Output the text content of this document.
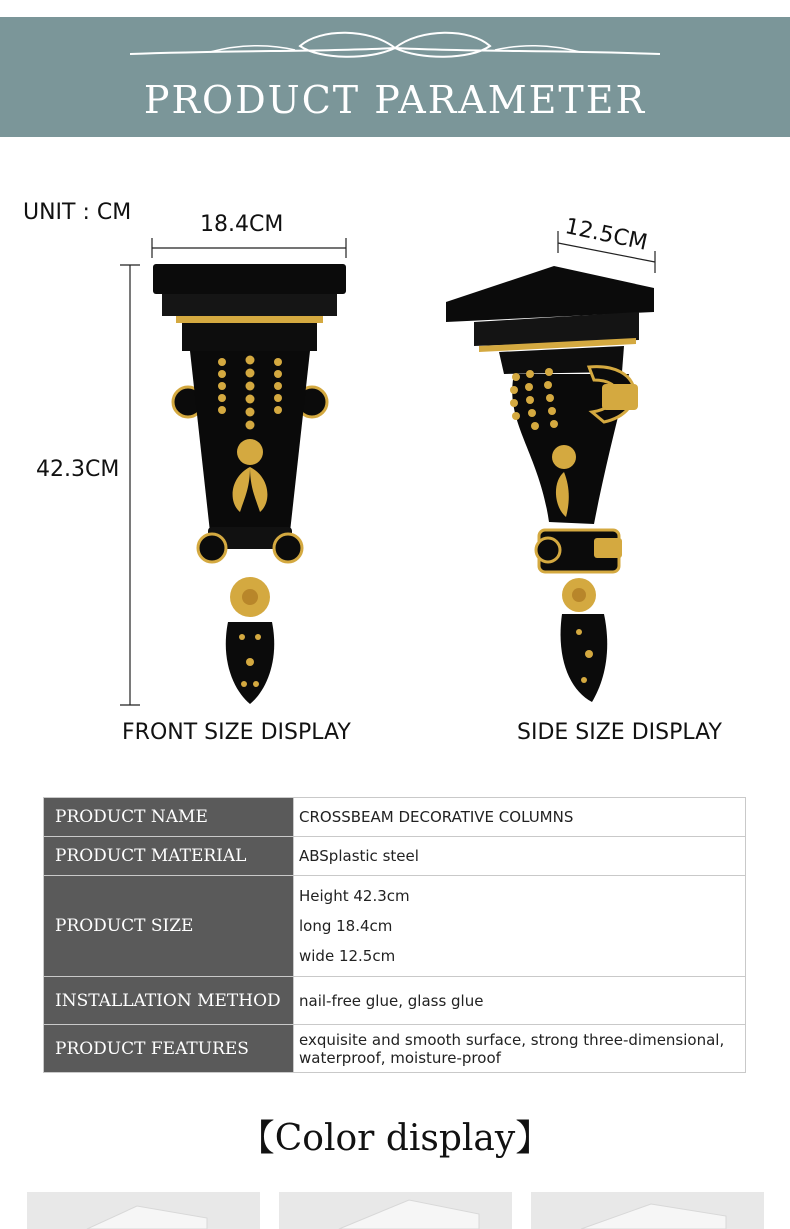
PRODUCT PARAMETER
UNIT : CM	18.4CM
42.3CM
12.5CM
FRONT SIZE DISPLAY	SIDE SIZE DISPLAY
PRODUCT NAME	CROSSBEAM DECORATIVE COLUMNS
PRODUCT MATERIAL	ABSplastic steel
PRODUCT SIZE	Height 42.3cm
long 18.4cm
wide 12.5cm

INSTALLATION METHOD	nail-free glue, glass glue
PRODUCT FEATURES	exquisite and smooth surface, strong three-dimensional,
waterproof, moisture-proof
【Color display】
